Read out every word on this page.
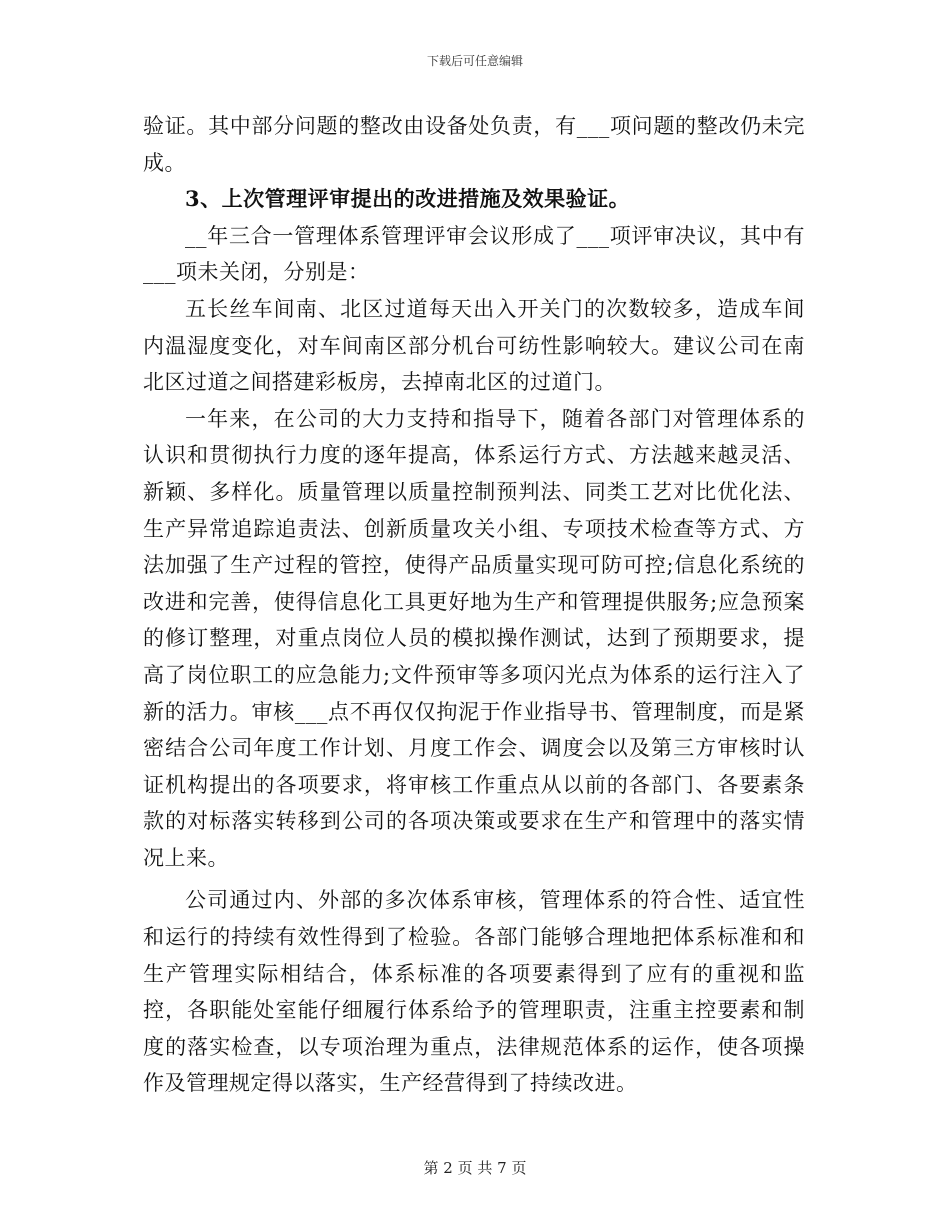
下载后可任意编辑

验证。其中部分问题的整改由设备处负责，有___项问题的整改仍未完成。

3、上次管理评审提出的改进措施及效果验证。

__年三合一管理体系管理评审会议形成了___项评审决议，其中有___项未关闭，分别是：

五长丝车间南、北区过道每天出入开关门的次数较多，造成车间内温湿度变化，对车间南区部分机台可纺性影响较大。建议公司在南北区过道之间搭建彩板房，去掉南北区的过道门。

一年来，在公司的大力支持和指导下，随着各部门对管理体系的认识和贯彻执行力度的逐年提高，体系运行方式、方法越来越灵活、新颖、多样化。质量管理以质量控制预判法、同类工艺对比优化法、生产异常追踪追责法、创新质量攻关小组、专项技术检查等方式、方法加强了生产过程的管控，使得产品质量实现可防可控;信息化系统的改进和完善，使得信息化工具更好地为生产和管理提供服务;应急预案的修订整理，对重点岗位人员的模拟操作测试，达到了预期要求，提高了岗位职工的应急能力;文件预审等多项闪光点为体系的运行注入了新的活力。审核___点不再仅仅拘泥于作业指导书、管理制度，而是紧密结合公司年度工作计划、月度工作会、调度会以及第三方审核时认证机构提出的各项要求，将审核工作重点从以前的各部门、各要素条款的对标落实转移到公司的各项决策或要求在生产和管理中的落实情况上来。

公司通过内、外部的多次体系审核，管理体系的符合性、适宜性和运行的持续有效性得到了检验。各部门能够合理地把体系标准和和生产管理实际相结合，体系标准的各项要素得到了应有的重视和监控，各职能处室能仔细履行体系给予的管理职责，注重主控要素和制度的落实检查，以专项治理为重点，法律规范体系的运作，使各项操作及管理规定得以落实，生产经营得到了持续改进。

第 2 页 共 7 页
